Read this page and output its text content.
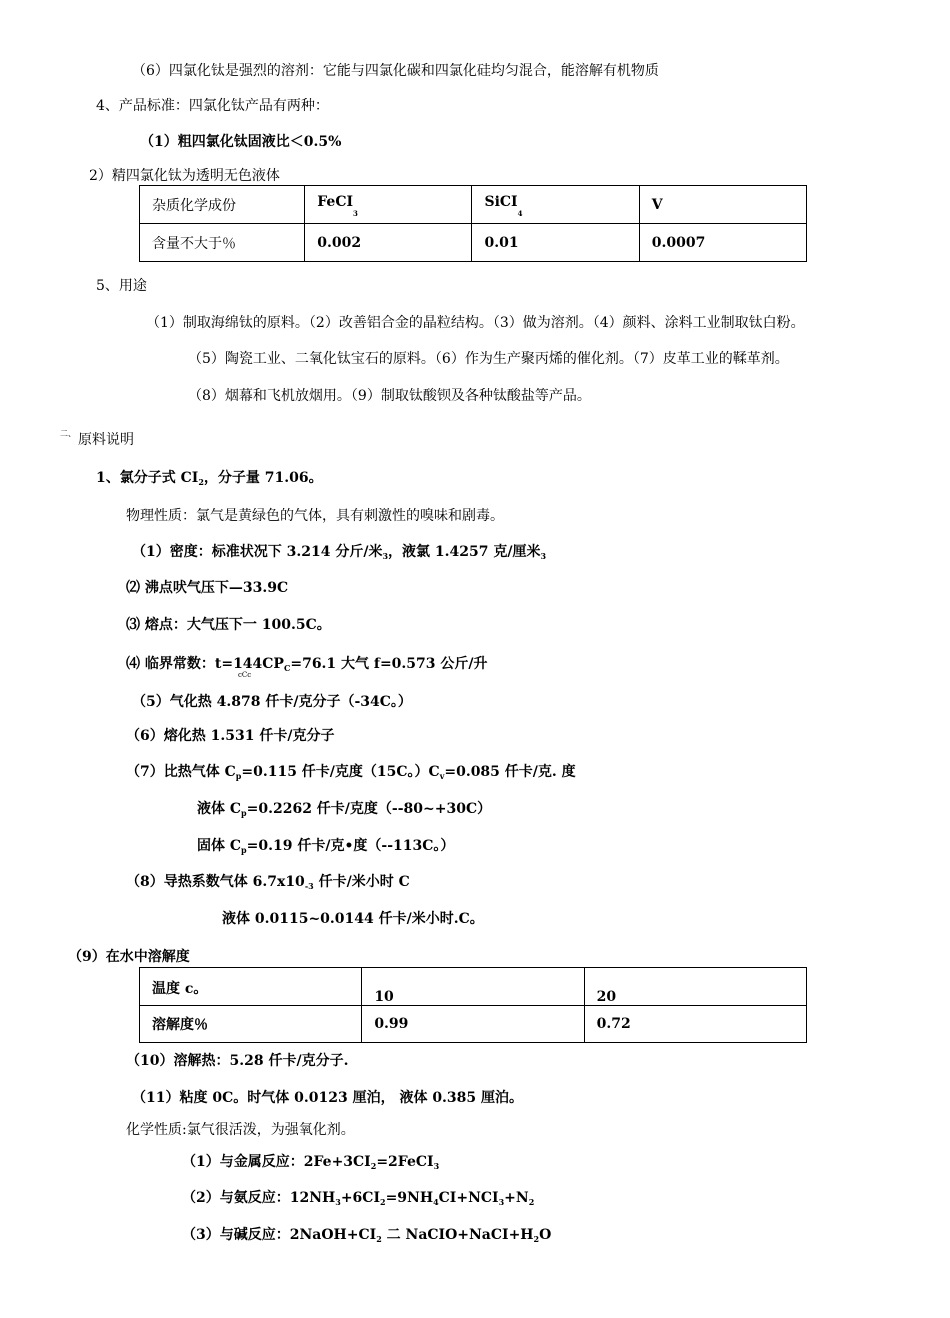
（6）四氯化钛是强烈的溶剂：它能与四氯化碳和四氯化硅均匀混合，能溶解有机物质
4、产品标准：四氯化钛产品有两种：
（1）粗四氯化钛固液比＜0.5%
2）精四氯化钛为透明无色液体
杂质化学成份	FeCI3	SiCI4	V
含量不大于％	0.002	0.01	0.0007
5、用途
（1）制取海绵钛的原料。（2）改善铝合金的晶粒结构。（3）做为溶剂。（4）颜料、涂料工业制取钛白粉。
（5）陶瓷工业、二氧化钛宝石的原料。（6）作为生产聚丙烯的催化剂。（7）皮革工业的鞣革剂。
（8）烟幕和飞机放烟用。（9）制取钛酸钡及各种钛酸盐等产品。
二、 原料说明
1、氯分子式 $CI_2$，分子量 71.06。
物理性质：氯气是黄绿色的气体，具有刺激性的嗅味和剧毒。
（1）密度：标准状况下 3.214 分斤/米$_3$，液氯 1.4257 克/厘米$_3$
⑵ 沸点吠气压下—33.9C
⑶ 熔点：大气压下一 100.5C。
⑷ 临界常数：$t=144CP_C=76.1$ 大气 f=0.573 公斤/升
cCc
（5）气化热 4.878 仟卡/克分子（-34C。）
（6）熔化热 1.531 仟卡/克分子
（7）比热气体 $C_p=0.115$ 仟卡/克度（15C。）$C_v=0.085$ 仟卡/克. 度
液体 $C_p=0.2262$ 仟卡/克度（--80~+30C）
固体 $C_p=0.19$ 仟卡/克•度（--113C。）
（8）导热系数气体 $6.7x10_{-3}$ 仟卡/米小时 C
液体 0.0115~0.0144 仟卡/米小时.C。
（9）在水中溶解度
温度 c。	10	20
溶解度％	0.99	0.72
（10）溶解热：5.28 仟卡/克分子.
（11）粘度 0C。时气体 0.0123 厘泊， 液体 0.385 厘泊。
化学性质:氯气很活泼，为强氧化剂。
（1）与金属反应：$2Fe+3CI_2=2FeCI_3$
（2）与氨反应：$12NH_3+6CI_2=9NH_4CI+NCI_3+N_2$
（3）与碱反应：$2NaOH+CI_2$ 二 $NaCIO+NaCI+H_2O$
